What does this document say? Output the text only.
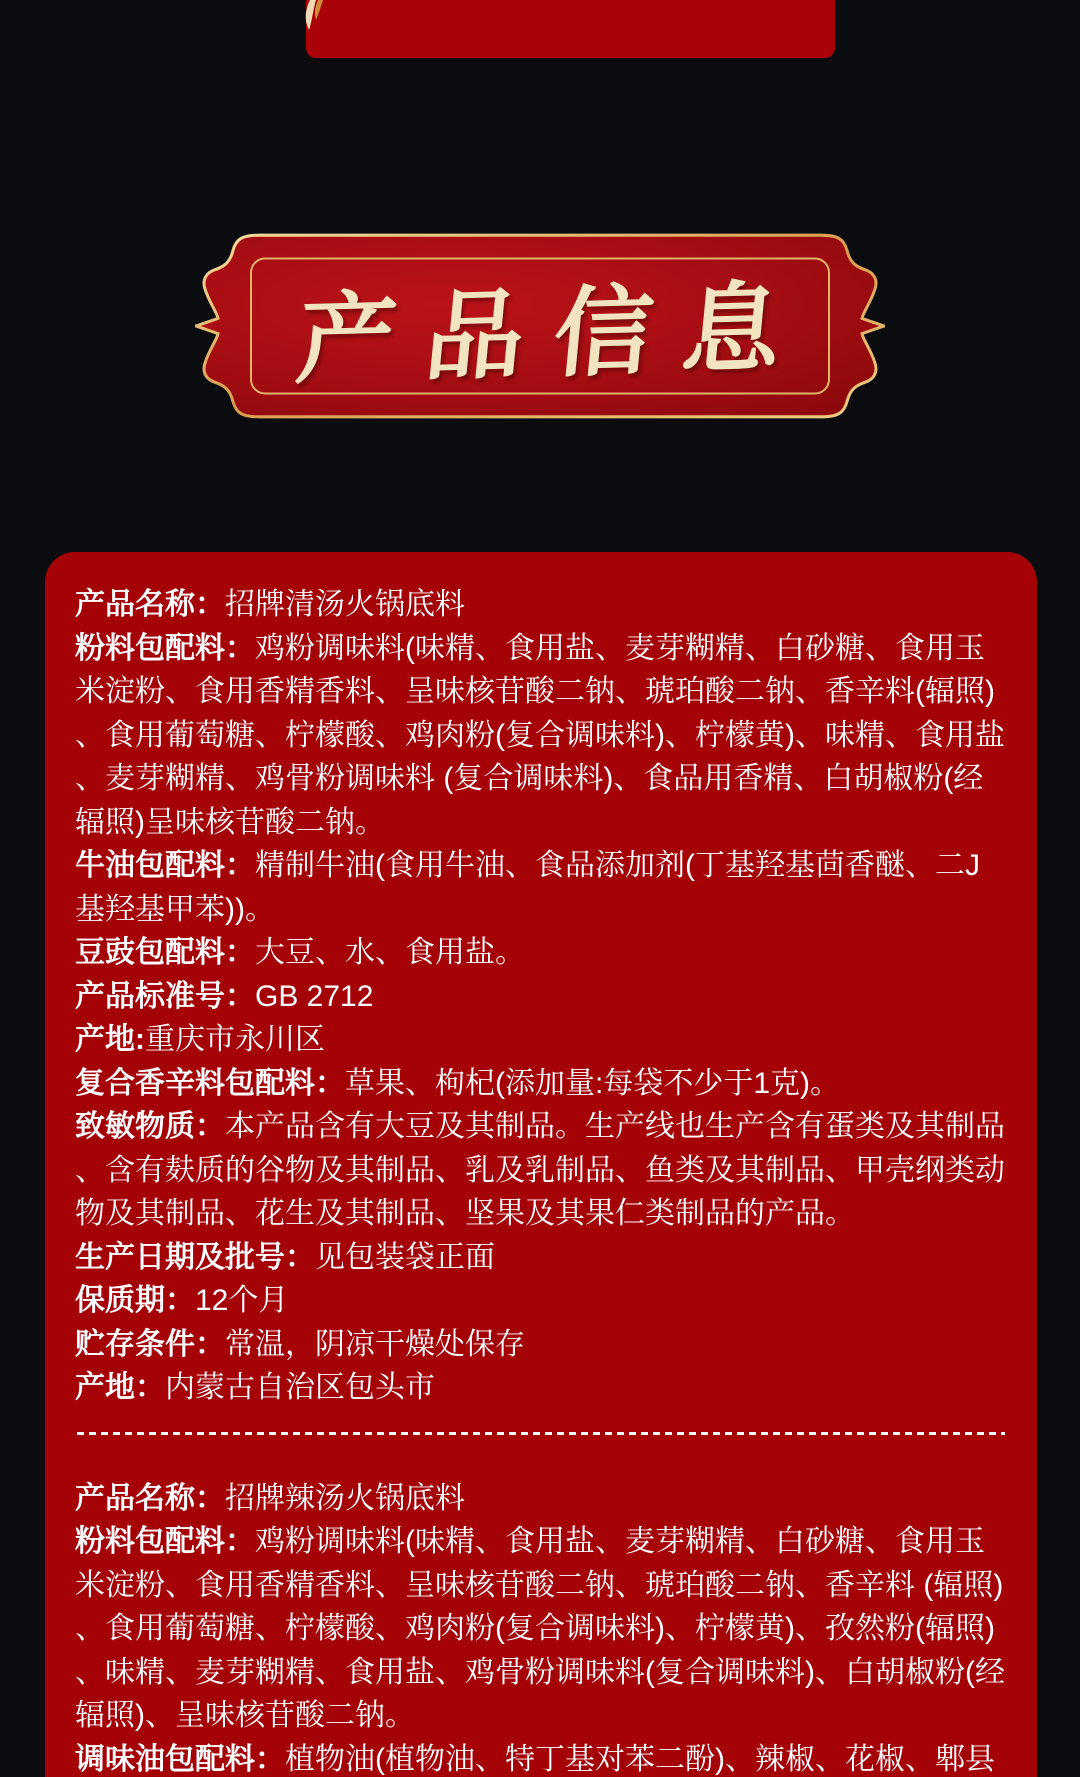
产品信息

产品名称：招牌清汤火锅底料

粉料包配料：鸡粉调味料(味精、食用盐、麦芽糊精、白砂糖、食用玉米淀粉、食用香精香料、呈味核苷酸二钠、琥珀酸二钠、香辛料(辐照)、食用葡萄糖、柠檬酸、鸡肉粉(复合调味料)、柠檬黄)、味精、食用盐、麦芽糊精、鸡骨粉调味料 (复合调味料)、食品用香精、白胡椒粉(经辐照)呈味核苷酸二钠。

牛油包配料：精制牛油(食用牛油、食品添加剂(丁基羟基茴香醚、二J基羟基甲苯))。

豆豉包配料：大豆、水、食用盐。

产品标准号：GB 2712

产地:重庆市永川区

复合香辛料包配料：草果、枸杞(添加量:每袋不少于1克)。

致敏物质：本产品含有大豆及其制品。生产线也生产含有蛋类及其制品、含有麸质的谷物及其制品、乳及乳制品、鱼类及其制品、甲壳纲类动物及其制品、花生及其制品、坚果及其果仁类制品的产品。

生产日期及批号：见包装袋正面

保质期：12个月

贮存条件：常温，阴凉干燥处保存

产地：内蒙古自治区包头市

产品名称：招牌辣汤火锅底料

粉料包配料：鸡粉调味料(味精、食用盐、麦芽糊精、白砂糖、食用玉米淀粉、食用香精香料、呈味核苷酸二钠、琥珀酸二钠、香辛料 (辐照)、食用葡萄糖、柠檬酸、鸡肉粉(复合调味料)、柠檬黄)、孜然粉(辐照)、味精、麦芽糊精、食用盐、鸡骨粉调味料(复合调味料)、白胡椒粉(经辐照)、呈味核苷酸二钠。

调味油包配料：植物油(植物油、特丁基对苯二酚)、辣椒、花椒、郫县
